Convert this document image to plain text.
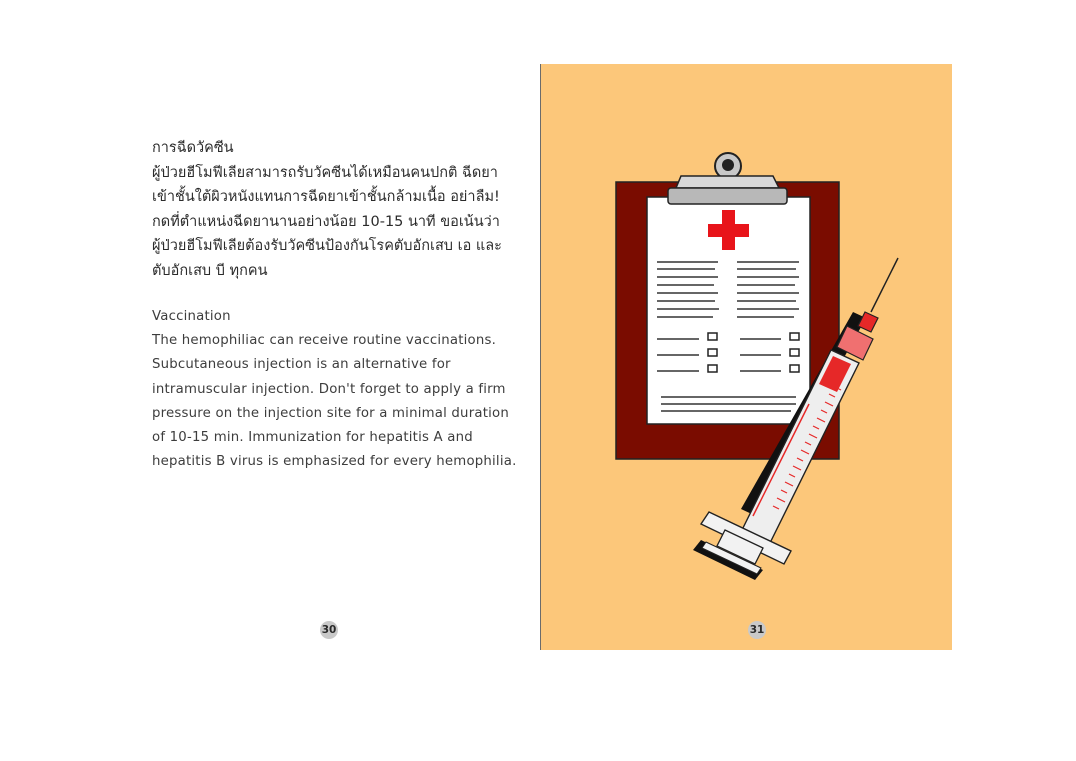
การฉีดวัคซีน

ผู้ป่วยฮีโมฟีเลียสามารถรับวัคซีนได้เหมือนคนปกติ ฉีดยา

เข้าชั้นใต้ผิวหนังแทนการฉีดยาเข้าชั้นกล้ามเนื้อ อย่าลืม!

กดที่ตำแหน่งฉีดยานานอย่างน้อย 10-15 นาที ขอเน้นว่า

ผู้ป่วยฮีโมฟีเลียต้องรับวัคซีนป้องกันโรคตับอักเสบ เอ และ

ตับอักเสบ บี ทุกคน

Vaccination

The hemophiliac can receive routine vaccinations.

Subcutaneous injection is an alternative for

intramuscular injection. Don't forget to apply a firm

pressure on the injection site for a minimal duration

of 10-15 min. Immunization for hepatitis A and

hepatitis B virus is emphasized for every hemophilia.

30	31
